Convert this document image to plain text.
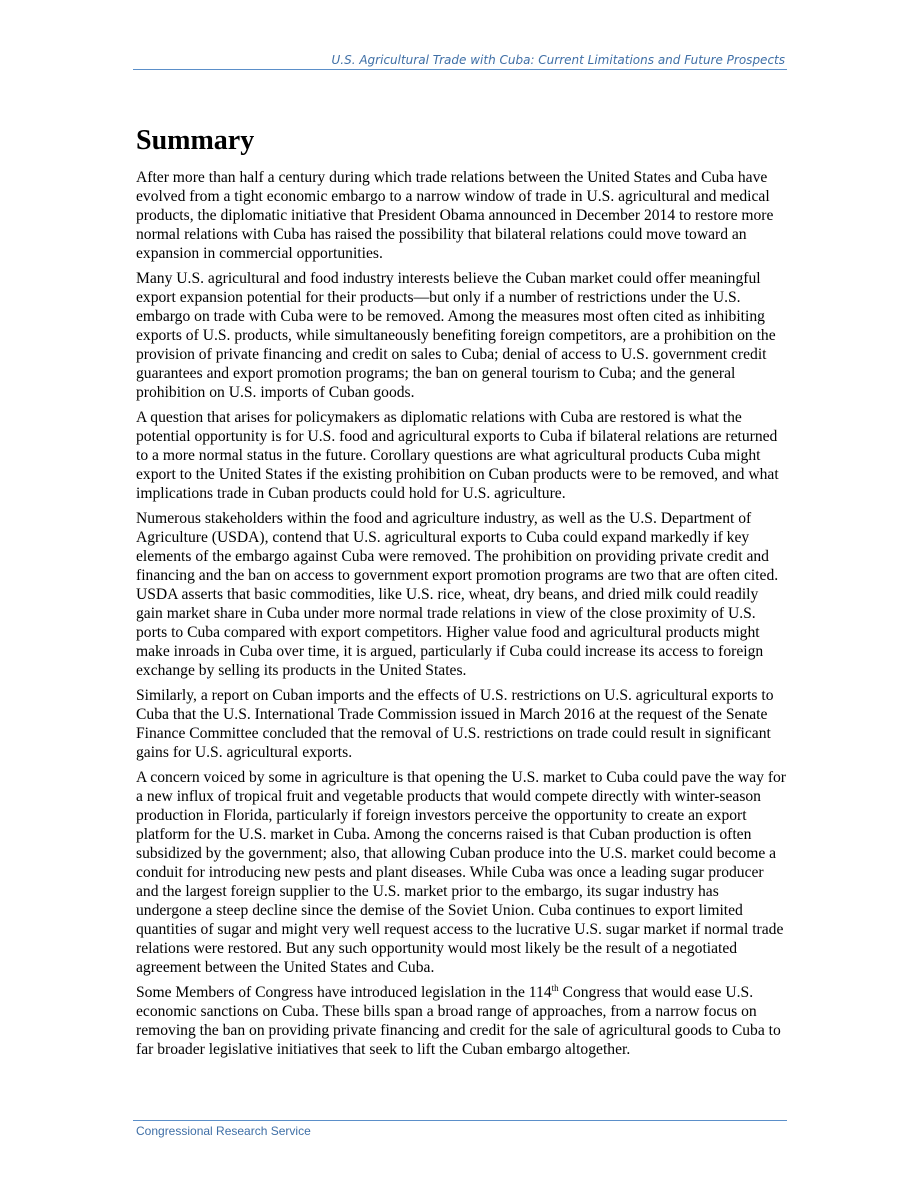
U.S. Agricultural Trade with Cuba: Current Limitations and Future Prospects
Summary

After more than half a century during which trade relations between the United States and Cuba have evolved from a tight economic embargo to a narrow window of trade in U.S. agricultural and medical products, the diplomatic initiative that President Obama announced in December 2014 to restore more normal relations with Cuba has raised the possibility that bilateral relations could move toward an expansion in commercial opportunities.

Many U.S. agricultural and food industry interests believe the Cuban market could offer meaningful export expansion potential for their products—but only if a number of restrictions under the U.S. embargo on trade with Cuba were to be removed. Among the measures most often cited as inhibiting exports of U.S. products, while simultaneously benefiting foreign competitors, are a prohibition on the provision of private financing and credit on sales to Cuba; denial of access to U.S. government credit guarantees and export promotion programs; the ban on general tourism to Cuba; and the general prohibition on U.S. imports of Cuban goods.

A question that arises for policymakers as diplomatic relations with Cuba are restored is what the potential opportunity is for U.S. food and agricultural exports to Cuba if bilateral relations are returned to a more normal status in the future. Corollary questions are what agricultural products Cuba might export to the United States if the existing prohibition on Cuban products were to be removed, and what implications trade in Cuban products could hold for U.S. agriculture.

Numerous stakeholders within the food and agriculture industry, as well as the U.S. Department of Agriculture (USDA), contend that U.S. agricultural exports to Cuba could expand markedly if key elements of the embargo against Cuba were removed. The prohibition on providing private credit and financing and the ban on access to government export promotion programs are two that are often cited. USDA asserts that basic commodities, like U.S. rice, wheat, dry beans, and dried milk could readily gain market share in Cuba under more normal trade relations in view of the close proximity of U.S. ports to Cuba compared with export competitors. Higher value food and agricultural products might make inroads in Cuba over time, it is argued, particularly if Cuba could increase its access to foreign exchange by selling its products in the United States.

Similarly, a report on Cuban imports and the effects of U.S. restrictions on U.S. agricultural exports to Cuba that the U.S. International Trade Commission issued in March 2016 at the request of the Senate Finance Committee concluded that the removal of U.S. restrictions on trade could result in significant gains for U.S. agricultural exports.

A concern voiced by some in agriculture is that opening the U.S. market to Cuba could pave the way for a new influx of tropical fruit and vegetable products that would compete directly with winter-season production in Florida, particularly if foreign investors perceive the opportunity to create an export platform for the U.S. market in Cuba. Among the concerns raised is that Cuban production is often subsidized by the government; also, that allowing Cuban produce into the U.S. market could become a conduit for introducing new pests and plant diseases. While Cuba was once a leading sugar producer and the largest foreign supplier to the U.S. market prior to the embargo, its sugar industry has undergone a steep decline since the demise of the Soviet Union. Cuba continues to export limited quantities of sugar and might very well request access to the lucrative U.S. sugar market if normal trade relations were restored. But any such opportunity would most likely be the result of a negotiated agreement between the United States and Cuba.

Some Members of Congress have introduced legislation in the 114th Congress that would ease U.S. economic sanctions on Cuba. These bills span a broad range of approaches, from a narrow focus on removing the ban on providing private financing and credit for the sale of agricultural goods to Cuba to far broader legislative initiatives that seek to lift the Cuban embargo altogether.

Congressional Research Service
